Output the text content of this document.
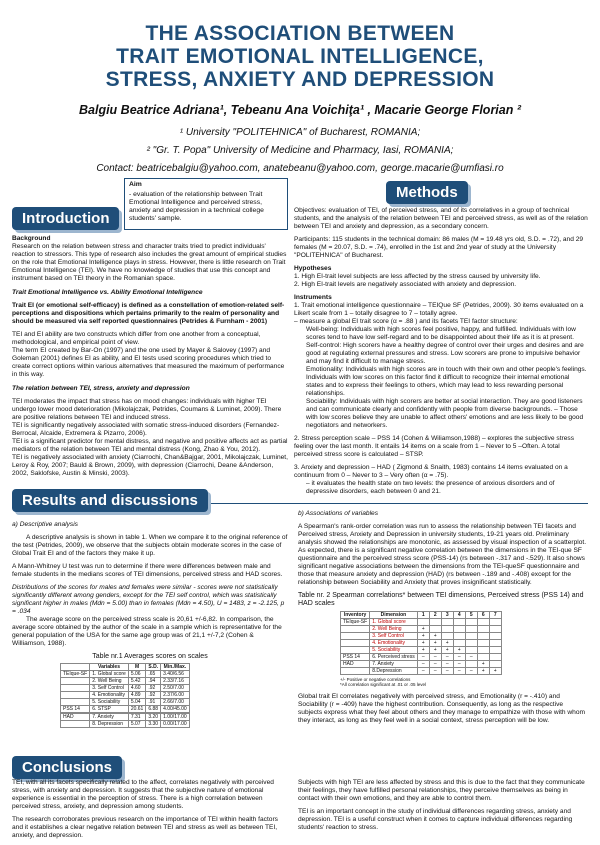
THE ASSOCIATION BETWEEN
TRAIT EMOTIONAL INTELLIGENCE,
STRESS, ANXIETY AND DEPRESSION
Balgiu Beatrice Adriana¹, Tebeanu Ana Voichiţa¹ , Macarie George Florian ²
¹ University "POLITEHNICA" of Bucharest, ROMANIA;
² "Gr. T. Popa" University of Medicine and Pharmacy, Iasi, ROMANIA;
Contact: beatricebalgiu@yahoo.com, anatebeanu@yahoo.com, george.macarie@umfiasi.ro
Introduction
Aim
- evaluation of the relationship between Trait Emotional Intelligence and perceived stress, anxiety and depression in a technical college students' sample.
Background

Research on the relation between stress and character traits tried to predict individuals' reaction to stressors. This type of research also includes the great amount of empirical studies on the role that Emotional Intelligence plays in stress. However, there is little research on Trait Emotional Intelligence (TEI). We have no knowledge of studies that use this concept and instrument based on TEI theory in the Romanian space.

Trait Emotional Intelligence vs. Ability Emotional Intelligence

Trait EI (or emotional self-efficacy) is defined as a constellation of emotion-related self-perceptions and dispositions which pertains primarily to the realm of personality and should be measured via self reported questionnaires (Petrides & Furnham - 2001)

TEI and EI ability are two constructs which differ from one another from a conceptual, methodological, and empirical point of view.

The term EI created by Bar-On (1997) and the one used by Mayer & Salovey (1997) and Goleman (2001) defines EI as ability, and EI tests used scoring procedures which tried to create correct options within various alternatives that measured the maximum of performance in this way.

The relation between TEI, stress, anxiety and depression

TEI moderates the impact that stress has on mood changes: individuals with higher TEI undergo lower mood deterioration (Mikolajczak, Petrides, Coumans & Luminet, 2009). There are positive relations between TEI and induced stress.

TEI is significantly negatively associated with somatic stress-induced disorders (Fernandez-Berrocal, Alcaide, Extremera & Pizarro, 2006).

TEI is a significant predictor for mental distress, and negative and positive affects act as partial mediators of the relation between TEI and mental distress (Kong, Zhao & You, 2012).

TEI is negatively associated with anxiety (Ciarrochi, Chan&Bajgar, 2001, Mikolajczak, Luminet, Leroy & Roy, 2007; Bauld & Brown, 2009), with depression (Ciarrochi, Deane &Anderson, 2002, Saklofske, Austin & Minski, 2003).

Methods

Objectives: evaluation of TEI, of perceived stress, and of its correlatives in a group of technical students, and the analysis of the relation between TEI and perceived stress, as well as of the relation between TEI and anxiety and depression, as a secondary concern.

Participants: 115 students in the technical domain: 86 males (M = 19.48 yrs old, S.D. = .72), and 29 females (M = 20.07, S.D. = .74), enrolled in the 1st and 2nd year of study at the University "POLITEHNICA" of Bucharest.

Hypotheses

1. High EI-trait level subjects are less affected by the stress caused by university life.

2. High EI-trait levels are negatively associated with anxiety and depression.

Instruments

1. Trait emotional intelligence questionnaire – TEIQue SF (Petrides, 2009). 30 items evaluated on a Likert scale from 1 – totally disagree to 7 – totally agree.

– measure a global EI trait score (α = .88 ) and its facets TEI factor structure:

Well-being: Individuals with high scores feel positive, happy, and fulfilled. Individuals with low scores tend to have low self-regard and to be disappointed about their life as it is at present.

Self-control: High scorers have a healthy degree of control over their urges and desires and are good at regulating external pressures and stress. Low scorers are prone to impulsive behavior and may find it difficult to manage stress.

Emotionality: Individuals with high scores are in touch with their own and other people's feelings. Individuals with low scores on this factor find it difficult to recognize their internal emotional states and to express their feelings to others, which may lead to less rewarding personal relationships.

Sociability: Individuals with high scorers are better at social interaction. They are good listeners and can communicate clearly and confidently with people from diverse backgrounds. – Those with low scores believe they are unable to affect others' emotions and are less likely to be good negotiators and networkers.

2. Stress perception scale – PSS 14 (Cohen & Wiliamson,1988) – explores the subjective stress feeling over the last month. It entails 14 items on a scale from 1 – Never to 5 –Often. A total perceived stress score is calculated – STSP.

3. Anxiety and depression – HAD ( Zigmond & Snaith, 1983) contains 14 items evaluated on a continuum from 0 – Never to 3 – Very often (α = .75).

– it evaluates the health state on two levels: the presence of anxious disorders and of depressive disorders, each between 0 and 21.

Results and discussions

a) Descriptive analysis

A descriptive analysis is shown in table 1. When we compare it to the original reference of the test (Petrides, 2009), we observe that the subjects obtain moderate scores in the case of Global Trait EI and of the factors they make it up.

A Mann-Whitney U test was run to determine if there were differences between male and female students in the medians scores of TEI dimensions, perceived stress and HAD scores.

Distributions of the scores for males and females were similar - scores were not statistically significantly different among genders, except for the TEI self control, which was statistically significant higher in males (Mdn = 5.00) than in females (Mdn = 4.50), U = 1483, z = -2.125, p = .034

The average score on the perceived stress scale is 20,61 +/-6,82. In comparison, the average score obtained by the author of the scale in a sample which is representative for the general population of the USA for the same age group was of 21,1 +/-7,2 (Cohen & Williamson, 1988).

Table nr.1 Averages scores on scales
	Variables	M	S.D.	Min./Max.
TEIque-SF	1. Global score	5.06	.65	3.40/6.56
	2. Well Being	5.42	.94	2.33/7.16
	3. Self Control	4.60	.92	2.50/7.00
	4. Emotionality	4.89	.92	2.37/6.00
	5. Sociability	5.04	.91	2.66/7.00
PSS 14	6. STSP	20.61	6.88	4.00/45.00

HAD	7. Anxiety	7.31	3.20	1.00/17.00
	8. Depression	5.07	3.30	0.00/17.00

b) Associations of variables

A Spearman's rank-order correlation was run to assess the relationship between TEI facets and Perceived stress, Anxiety and Depression in university students, 19-21 years old. Preliminary analysis showed the relationships are monotonic, as assessed by visual inspection of a scatterplot.

As expected, there is a significant negative correlation between the dimensions in the TEI-que SF questionnaire and the perceived stress score (PSS-14) (rs between -.317 and -.529). It also shows significant negative associations between the dimensions from the TEI-queSF questionnaire and those that measure anxiety and depression (HAD) (rs between -.189 and -.408) except for the relationship between Sociability and Anxiety that proves insignificant statistically.

Table nr. 2 Spearman correlations* between TEI dimensions, Perceived stress (PSS 14) and HAD scales
Inventory	Dimension	1	2	3	4	5	6	7
TEIque-SF	1. Global score							
	2. Well Being	+						
	3. Self Control	+	+					
	4. Emotionality	+	+	+				
	5. Sociability	+	+	+	+			
PSS 14	6. Perceived stress	–	–	–	–	–		
HAD	7. Anxiety	–	–	–	–		+	
	8.Depression	–	–	–	–	–	+	+
+/- Positive or negative correlations
*All correlation significant at .01 or .05 level

Global trait EI correlates negatively with perceived stress, and Emotionality (r = -.410) and Sociability (r = -409) have the highest contribution. Consequently, as long as the respective subjects express what they feel about others and they manage to empathize with those with whom they interact, as long as they feel well in a social context, stress perception will be low.

Conclusions

TEI, with all its facets specifically related to the affect, correlates negatively with perceived stress, with anxiety and depression. It suggests that the subjective nature of emotional experience is essential in the perception of stress. There is a high correlation between perceived stress, anxiety, and depression among students.

The research corroborates previous research on the importance of TEI within health factors and it establishes a clear negative relation between TEI and stress as well as between TEI, anxiety, and depression.

Subjects with high TEI are less affected by stress and this is due to the fact that they communicate their feelings, they have fulfilled personal relationships, they perceive themselves as being in contact with their own emotions, and they are able to control them.

TEI is an important concept in the study of individual differences regarding stress, anxiety and depression. TEI is a useful construct when it comes to capture individual differences regarding students' reaction to stress.
